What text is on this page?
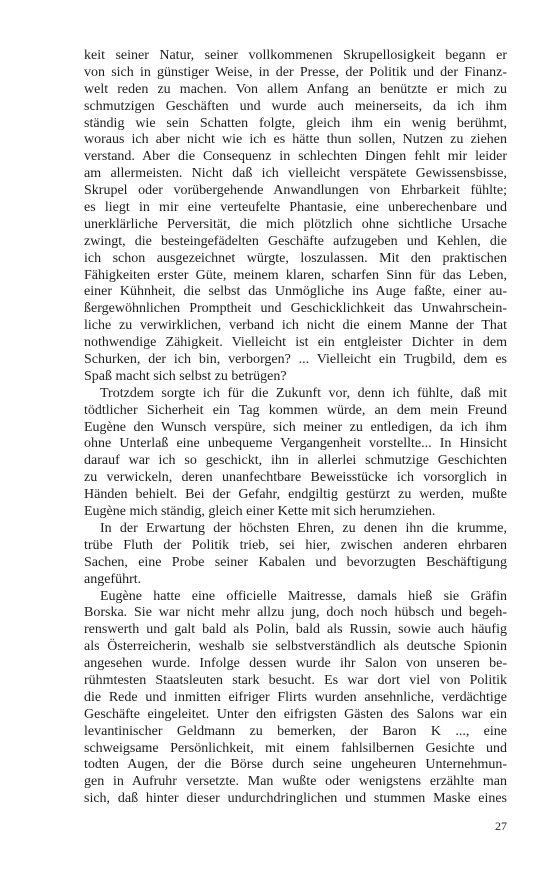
keit seiner Natur, seiner vollkommenen Skrupellosigkeit begann er
von sich in günstiger Weise, in der Presse, der Politik und der Finanz-
welt reden zu machen. Von allem Anfang an benützte er mich zu
schmutzigen Geschäften und wurde auch meinerseits, da ich ihm
ständig wie sein Schatten folgte, gleich ihm ein wenig berühmt,
woraus ich aber nicht wie ich es hätte thun sollen, Nutzen zu ziehen
verstand. Aber die Consequenz in schlechten Dingen fehlt mir leider
am allermeisten. Nicht daß ich vielleicht verspätete Gewissensbisse,
Skrupel oder vorübergehende Anwandlungen von Ehrbarkeit fühlte;
es liegt in mir eine verteufelte Phantasie, eine unberechenbare und
unerklärliche Perversität, die mich plötzlich ohne sichtliche Ursache
zwingt, die besteingefädelten Geschäfte aufzugeben und Kehlen, die
ich schon ausgezeichnet würgte, loszulassen. Mit den praktischen
Fähigkeiten erster Güte, meinem klaren, scharfen Sinn für das Leben,
einer Kühnheit, die selbst das Unmögliche ins Auge faßte, einer au-
ßergewöhnlichen Promptheit und Geschicklichkeit das Unwahrschein-
liche zu verwirklichen, verband ich nicht die einem Manne der That
nothwendige Zähigkeit. Vielleicht ist ein entgleister Dichter in dem
Schurken, der ich bin, verborgen? ... Vielleicht ein Trugbild, dem es
Spaß macht sich selbst zu betrügen?
Trotzdem sorgte ich für die Zukunft vor, denn ich fühlte, daß mit
tödtlicher Sicherheit ein Tag kommen würde, an dem mein Freund
Eugène den Wunsch verspüre, sich meiner zu entledigen, da ich ihm
ohne Unterlaß eine unbequeme Vergangenheit vorstellte... In Hinsicht
darauf war ich so geschickt, ihn in allerlei schmutzige Geschichten
zu verwickeln, deren unanfechtbare Beweisstücke ich vorsorglich in
Händen behielt. Bei der Gefahr, endgiltig gestürzt zu werden, mußte
Eugène mich ständig, gleich einer Kette mit sich herumziehen.
In der Erwartung der höchsten Ehren, zu denen ihn die krumme,
trübe Fluth der Politik trieb, sei hier, zwischen anderen ehrbaren
Sachen, eine Probe seiner Kabalen und bevorzugten Beschäftigung
angeführt.
Eugène hatte eine officielle Maitresse, damals hieß sie Gräfin
Borska. Sie war nicht mehr allzu jung, doch noch hübsch und begeh-
renswerth und galt bald als Polin, bald als Russin, sowie auch häufig
als Österreicherin, weshalb sie selbstverständlich als deutsche Spionin
angesehen wurde. Infolge dessen wurde ihr Salon von unseren be-
rühmtesten Staatsleuten stark besucht. Es war dort viel von Politik
die Rede und inmitten eifriger Flirts wurden ansehnliche, verdächtige
Geschäfte eingeleitet. Unter den eifrigsten Gästen des Salons war ein
levantinischer Geldmann zu bemerken, der Baron K ..., eine
schweigsame Persönlichkeit, mit einem fahlsilbernen Gesichte und
todten Augen, der die Börse durch seine ungeheuren Unternehmun-
gen in Aufruhr versetzte. Man wußte oder wenigstens erzählte man
sich, daß hinter dieser undurchdringlichen und stummen Maske eines
27
